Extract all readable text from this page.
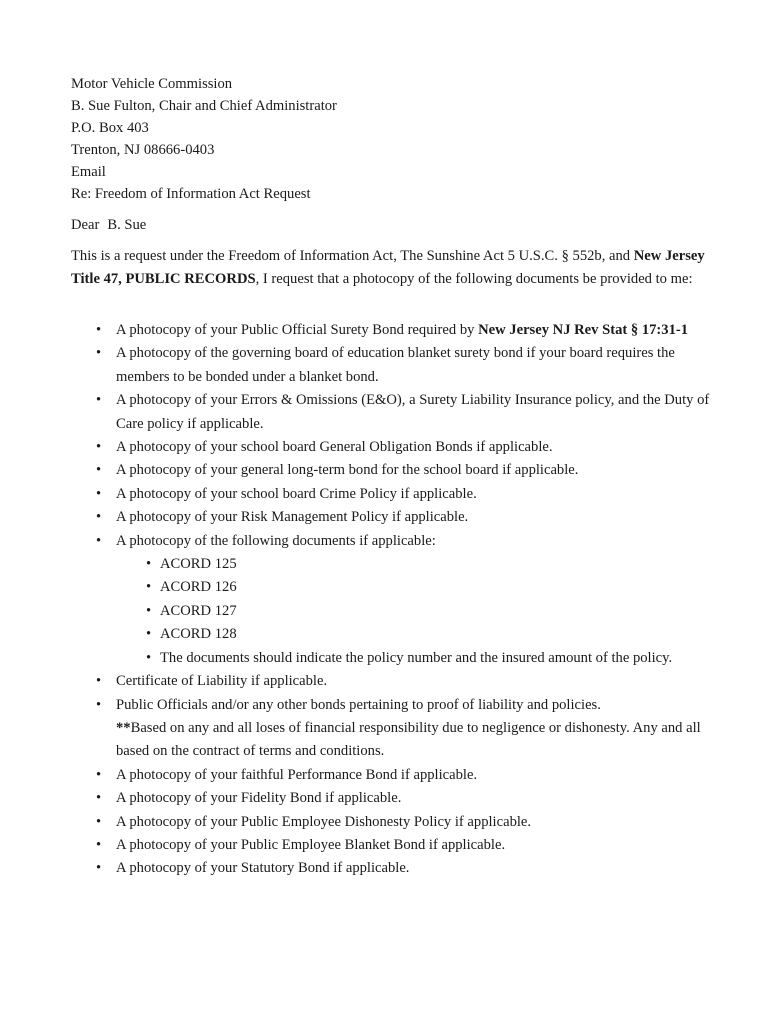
Motor Vehicle Commission
B. Sue Fulton, Chair and Chief Administrator
P.O. Box 403
Trenton, NJ 08666-0403
Email
Re: Freedom of Information Act Request
Dear B. Sue
This is a request under the Freedom of Information Act, The Sunshine Act 5 U.S.C. § 552b, and New Jersey Title 47, PUBLIC RECORDS, I request that a photocopy of the following documents be provided to me:
• A photocopy of your Public Official Surety Bond required by New Jersey NJ Rev Stat § 17:31-1
• A photocopy of the governing board of education blanket surety bond if your board requires the members to be bonded under a blanket bond.
• A photocopy of your Errors & Omissions (E&O), a Surety Liability Insurance policy, and the Duty of Care policy if applicable.
• A photocopy of your school board General Obligation Bonds if applicable.
• A photocopy of your general long-term bond for the school board if applicable.
• A photocopy of your school board Crime Policy if applicable.
• A photocopy of your Risk Management Policy if applicable.
• A photocopy of the following documents if applicable:
• ACORD 125
• ACORD 126
• ACORD 127
• ACORD 128
• The documents should indicate the policy number and the insured amount of the policy.
• Certificate of Liability if applicable.
• Public Officials and/or any other bonds pertaining to proof of liability and policies.
**Based on any and all loses of financial responsibility due to negligence or dishonesty. Any and all based on the contract of terms and conditions.
• A photocopy of your faithful Performance Bond if applicable.
• A photocopy of your Fidelity Bond if applicable.
• A photocopy of your Public Employee Dishonesty Policy if applicable.
• A photocopy of your Public Employee Blanket Bond if applicable.
• A photocopy of your Statutory Bond if applicable.
